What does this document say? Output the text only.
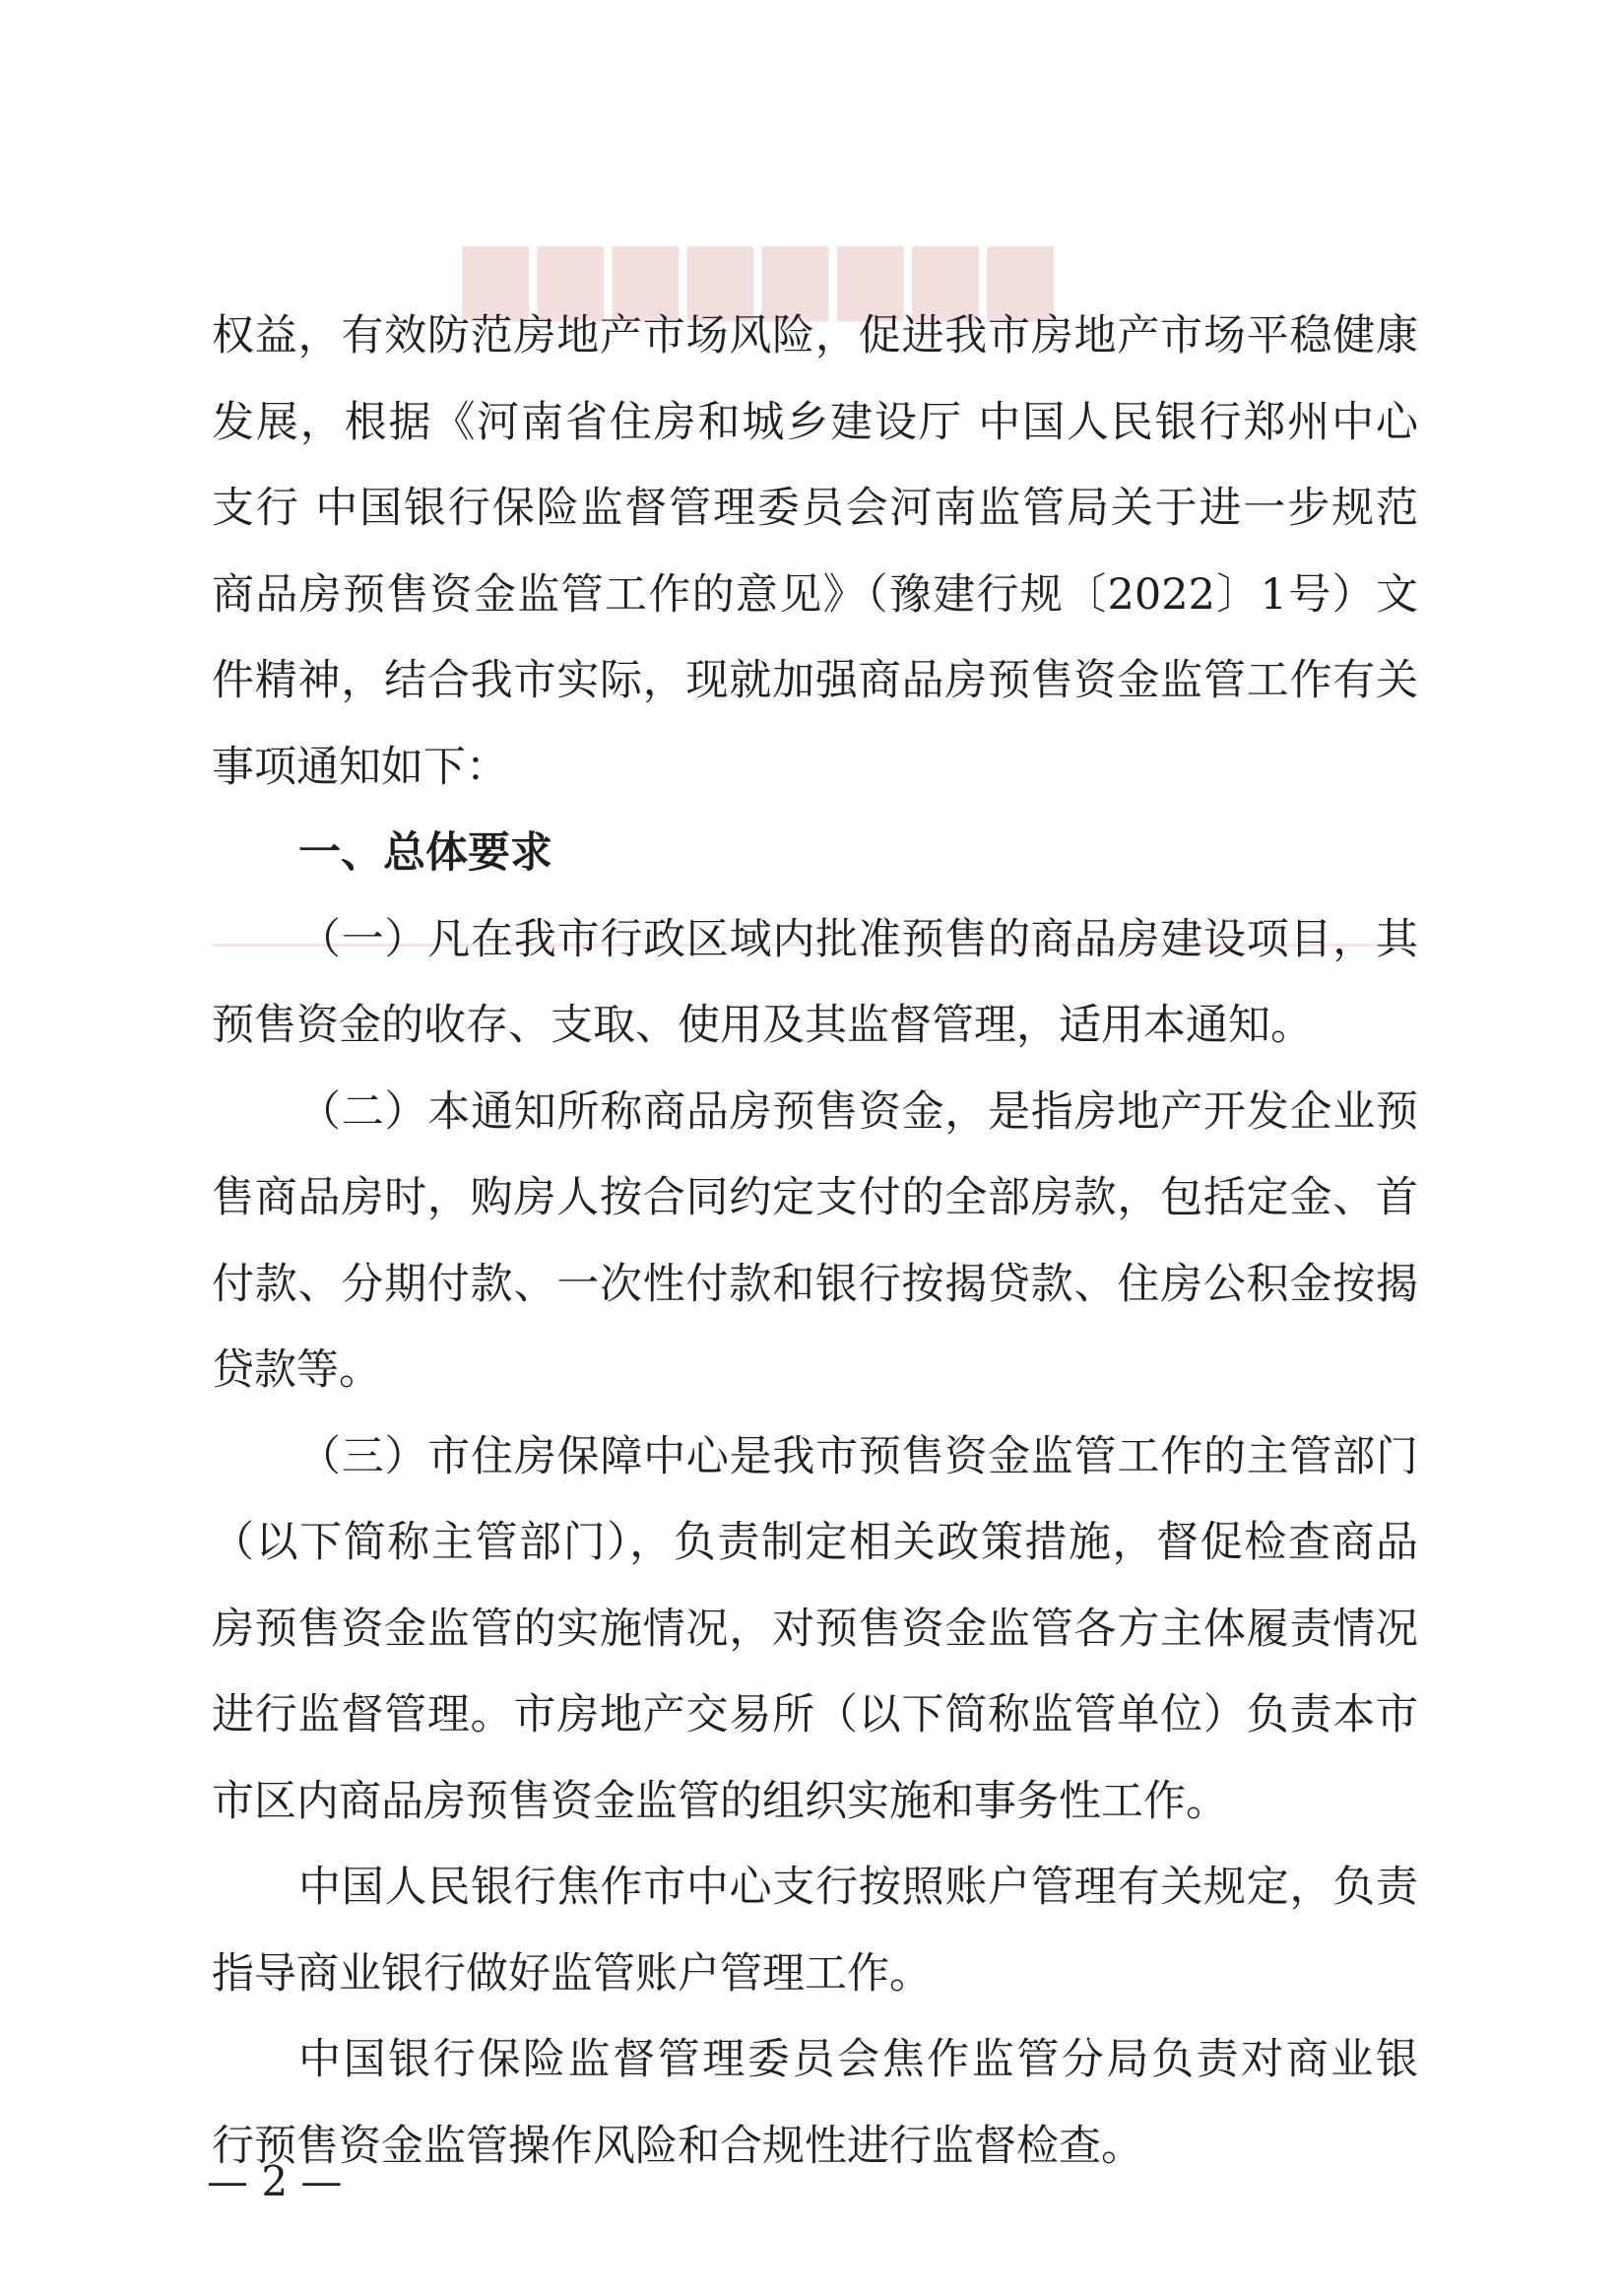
▆▆▆▆▆▆▆▆
权益，有效防范房地产市场风险，促进我市房地产市场平稳健康
发展，根据《河南省住房和城乡建设厅 中国人民银行郑州中心
支行 中国银行保险监督管理委员会河南监管局关于进一步规范
商品房预售资金监管工作的意见》（豫建行规〔2022〕1号）文
件精神，结合我市实际，现就加强商品房预售资金监管工作有关
事项通知如下：
一、总体要求
（一）凡在我市行政区域内批准预售的商品房建设项目，其
预售资金的收存、支取、使用及其监督管理，适用本通知。
（二）本通知所称商品房预售资金，是指房地产开发企业预
售商品房时，购房人按合同约定支付的全部房款，包括定金、首
付款、分期付款、一次性付款和银行按揭贷款、住房公积金按揭
贷款等。
（三）市住房保障中心是我市预售资金监管工作的主管部门
（以下简称主管部门），负责制定相关政策措施，督促检查商品
房预售资金监管的实施情况，对预售资金监管各方主体履责情况
进行监督管理。市房地产交易所（以下简称监管单位）负责本市
市区内商品房预售资金监管的组织实施和事务性工作。
中国人民银行焦作市中心支行按照账户管理有关规定，负责
指导商业银行做好监管账户管理工作。
中国银行保险监督管理委员会焦作监管分局负责对商业银
行预售资金监管操作风险和合规性进行监督检查。
— 2 —
